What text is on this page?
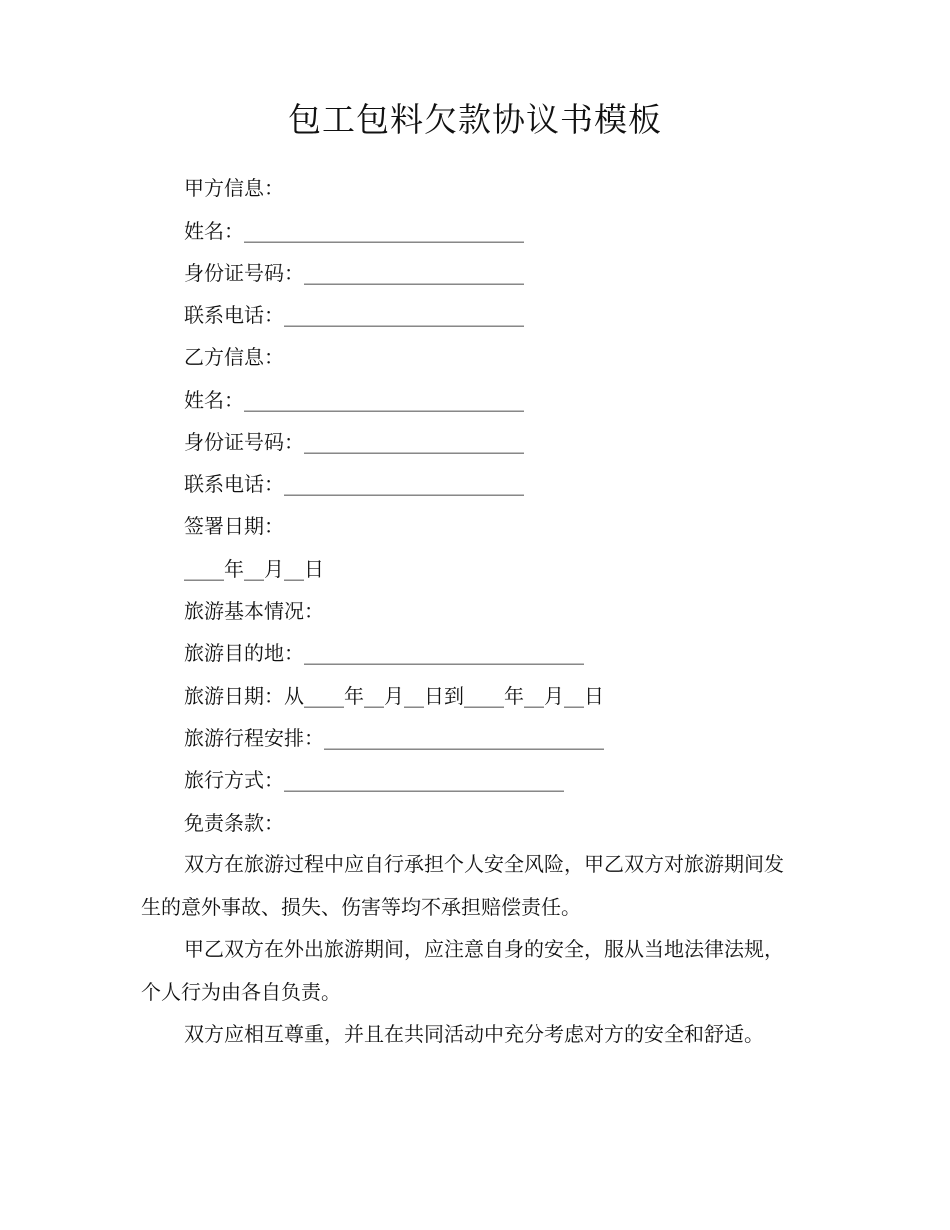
包工包料欠款协议书模板
甲方信息：
姓名：____________________________
身份证号码：______________________
联系电话：________________________
乙方信息：
姓名：____________________________
身份证号码：______________________
联系电话：________________________
签署日期：
____年__月__日
旅游基本情况：
旅游目的地：____________________________
旅游日期：从____年__月__日到____年__月__日
旅游行程安排：____________________________
旅行方式：____________________________
免责条款：
双方在旅游过程中应自行承担个人安全风险，甲乙双方对旅游期间发生的意外事故、损失、伤害等均不承担赔偿责任。
甲乙双方在外出旅游期间，应注意自身的安全，服从当地法律法规，个人行为由各自负责。
双方应相互尊重，并且在共同活动中充分考虑对方的安全和舒适。
